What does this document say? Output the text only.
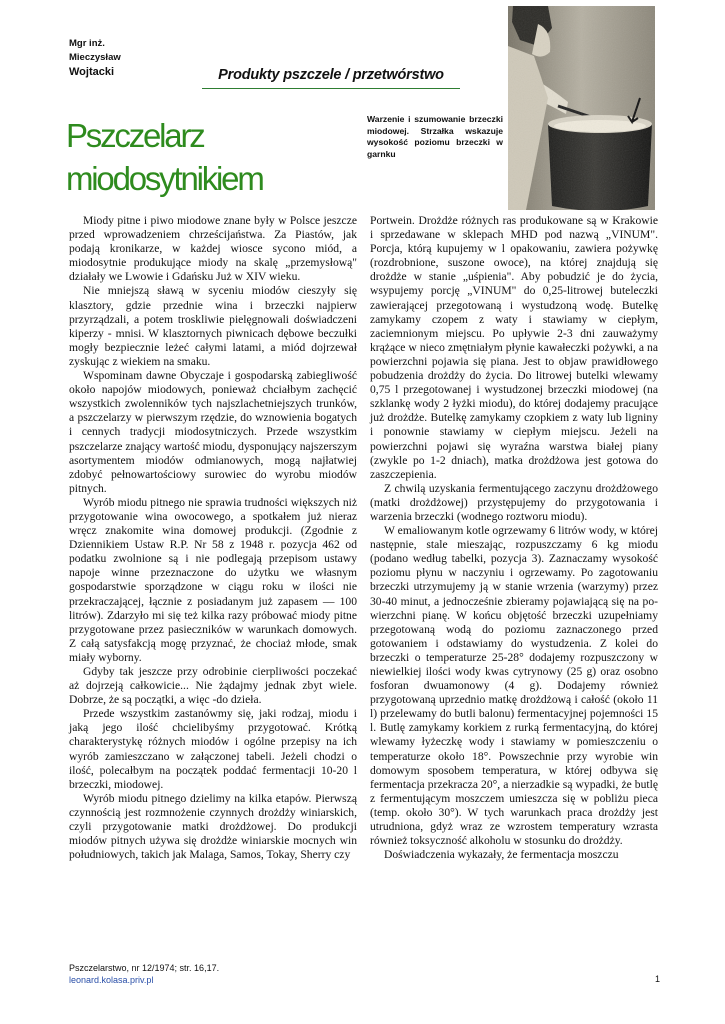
Mgr inż.
Mieczysław
Wojtacki	Produkty pszczele / przetwórstwo
Pszczelarz
miodosytnikiem
Warzenie i szumowanie brzeczki miodowej. Strzałka wskazuje wysokość poziomu brzeczki w garnku

Miody pitne i piwo miodowe znane były w Polsce jeszcze przed wprowadzeniem chrześcijaństwa. Za Piastów, jak podają kronikarze, w każdej wiosce sycono miód, a miodosytnie produkujące miody na skalę „przemysłową" działały we Lwowie i Gdańsku Już w XIV wieku.

Nie mniejszą sławą w syceniu miodów cieszyły się klasztory, gdzie przednie wina i brzeczki najpierw przyrządzali, a potem troskliwie pielęgnowali doświadczeni kiperzy - mnisi. W klasztornych piwnicach dębowe beczułki mogły bezpiecznie leżeć całymi latami, a miód dojrzewał zyskując z wiekiem na smaku.

Wspominam dawne Obyczaje i gospodarską zabiegliwość około napojów miodowych, ponieważ chciałbym zachęcić wszystkich zwolenników tych najszlachetniejszych trunków, a pszczelarzy w pierwszym rzędzie, do wznowienia bogatych i cennych tradycji miodosytniczych. Przede wszystkim pszczelarze znający wartość miodu, dysponujący najszerszym asortymentem miodów odmianowych, mogą najłatwiej zdobyć pełnowartościowy surowiec do wyrobu miodów pitnych.

Wyrób miodu pitnego nie sprawia trudności większych niż przygotowanie wina owocowego, a spotkałem już nieraz wręcz znakomite wina domowej produkcji. (Zgodnie z Dziennikiem Ustaw R.P. Nr 58 z 1948 r. pozycja 462 od podatku zwolnione są i nie podlegają przepisom ustawy napoje winne przeznaczone do użytku we własnym gospodarstwie sporządzone w ciągu roku w ilości nie przekraczającej, łącznie z posiadanym już zapasem — 100 litrów). Zdarzyło mi się też kilka razy próbować miody pitne przygotowane przez pasieczników w warunkach domowych. Z całą satysfakcją mogę przyznać, że chociaż młode, smak miały wyborny.

Gdyby tak jeszcze przy odrobinie cierpliwości poczekać aż dojrzeją całkowicie... Nie żądajmy jednak zbyt wiele. Dobrze, że są początki, a więc -do dzieła.

Przede wszystkim zastanówmy się, jaki rodzaj, miodu i jaką jego ilość chcielibyśmy przygotować. Krótką charakterystykę różnych miodów i ogólne przepisy na ich wyrób zamieszczano w załączonej tabeli. Jeżeli chodzi o ilość, polecałbym na początek poddać fermentacji 10-20 l brzeczki, miodowej.

Wyrób miodu pitnego dzielimy na kilka etapów. Pierwszą czynnością jest rozmnożenie czynnych drożdży winiarskich, czyli przygotowanie matki drożdżowej. Do produkcji miodów pitnych używa się drożdże winiarskie mocnych win południowych, takich jak Malaga, Samos, Tokay, Sherry czy

Portwein. Drożdże różnych ras produkowane są w Krakowie i sprzedawane w sklepach MHD pod nazwą „VINUM". Porcja, którą kupujemy w l opakowaniu, zawiera pożywkę (rozdrobnione, suszone owoce), na której znajdują się drożdże w stanie „uśpienia". Aby pobudzić je do życia, wsypujemy porcję „VINUM" do 0,25-litrowej buteleczki zawierającej przegotowaną i wystudzoną wodę. Butelkę zamykamy czopem z waty i stawiamy w ciepłym, zaciemnionym miejscu. Po upływie 2-3 dni zauważymy krążące w nieco zmętniałym płynie kawałeczki pożywki, a na powierzchni pojawia się piana. Jest to objaw prawidłowego pobudzenia drożdży do życia. Do litrowej butelki wlewamy 0,75 l przegotowanej i wystudzonej brzeczki miodowej (na szklankę wody 2 łyżki miodu), do której dodajemy pracujące już drożdże. Butelkę zamykamy czopkiem z waty lub ligniny i ponownie stawiamy w ciepłym miejscu. Jeżeli na powierzchni pojawi się wyraźna warstwa białej piany (zwykle po 1-2 dniach), matka drożdżowa jest gotowa do zaszczepienia.

Z chwilą uzyskania fermentującego zaczynu drożdżowego (matki drożdżowej) przystępujemy do przygotowania i warzenia brzeczki (wodnego roztworu miodu).

W emaliowanym kotle ogrzewamy 6 litrów wody, w której następnie, stale mieszając, rozpuszczamy 6 kg miodu (podano według tabelki, pozycja 3). Zaznaczamy wysokość poziomu płynu w naczyniu i ogrzewamy. Po zagotowaniu brzeczki utrzymujemy ją w stanie wrzenia (warzymy) przez 30-40 minut, a jednocześnie zbieramy pojawiającą się na po- wierzchni pianę. W końcu objętość brzeczki uzupełniamy przegotowaną wodą do poziomu zaznaczonego przed gotowaniem i odstawiamy do wystudzenia. Z kolei do brzeczki o temperaturze 25-28° dodajemy rozpuszczony w niewielkiej ilości wody kwas cytrynowy (25 g) oraz osobno fosforan dwuamonowy (4 g). Dodajemy również przygotowaną uprzednio matkę drożdżową i całość (około 11 l) przelewamy do butli balonu) fermentacyjnej pojemności 15 l. Butlę zamykamy korkiem z rurką fermentacyjną, do której wlewamy łyżeczkę wody i stawiamy w pomieszczeniu o temperaturze około 18°. Powszechnie przy wyrobie win domowym sposobem temperatura, w której odbywa się fermentacja przekracza 20°, a nierzadkie są wypadki, że butlę z fermentującym moszczem umieszcza się w pobliżu pieca (temp. około 30°). W tych warunkach praca drożdży jest utrudniona, gdyż wraz ze wzrostem temperatury wzrasta również toksyczność alkoholu w stosunku do drożdży.

Doświadczenia wykazały, że fermentacja moszczu

Pszczelarstwo, nr 12/1974; str. 16,17.
leonard.kolasa.priv.pl	1
